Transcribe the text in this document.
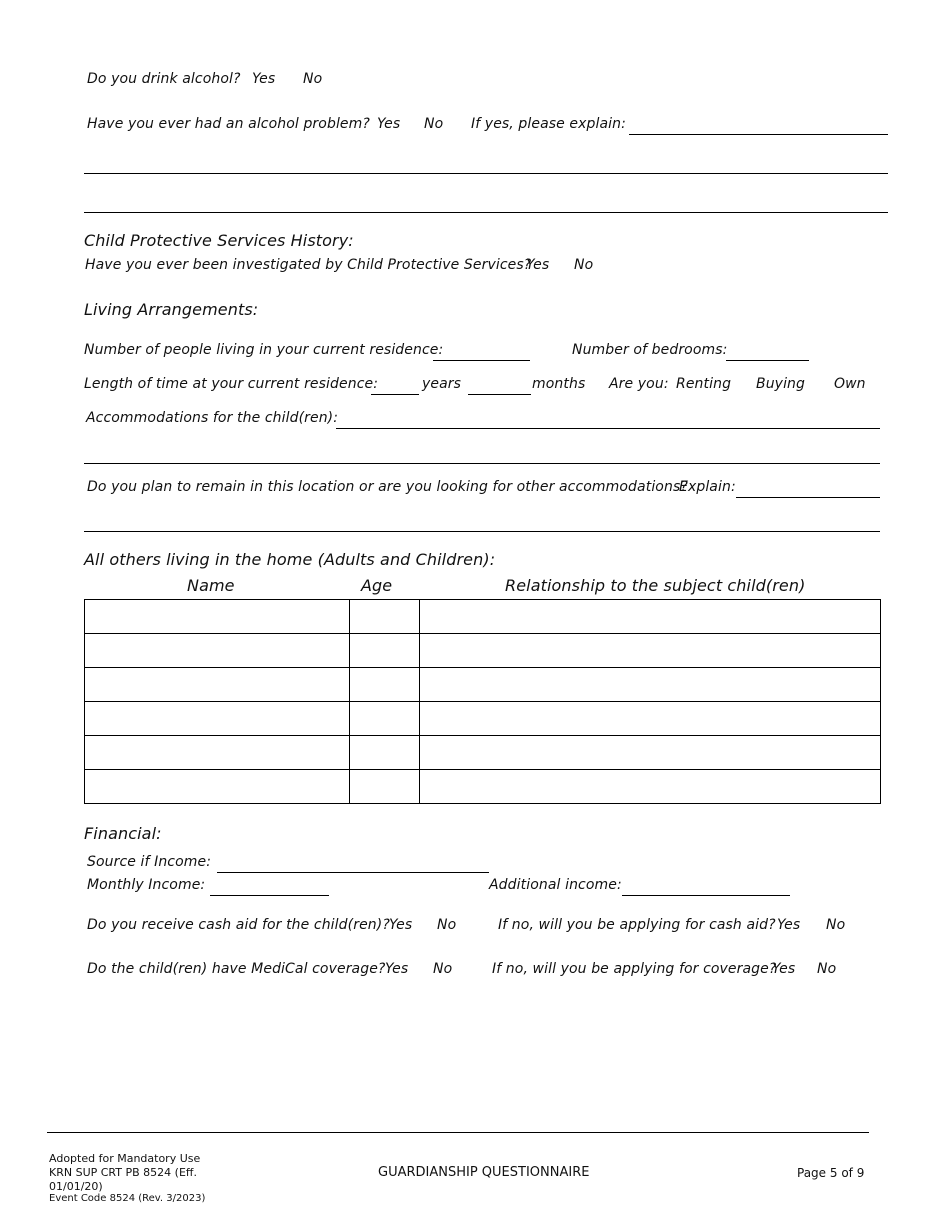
Do you drink alcohol? Yes No
Have you ever had an alcohol problem? Yes No If yes, please explain:
Child Protective Services History:
Have you ever been investigated by Child Protective Services?
Yes No
Living Arrangements:
Number of people living in your current residence:	Number of bedrooms:
Length of time at your current residence:	years	months Are you: Renting Buying Own
Accommodations for the child(ren):
Do you plan to remain in this location or are you looking for other accommodations?
Explain:
All others living in the home (Adults and Children):
Name	Age	Relationship to the subject child(ren)

Financial:
Source if Income:
Monthly Income:	Additional income:
Do you receive cash aid for the child(ren)? Yes No	If no, will you be applying for cash aid? Yes No
Do the child(ren) have MediCal coverage? Yes No	If no, will you be applying for coverage?
Yes No
Adopted for Mandatory Use
KRN SUP CRT PB 8524 (Eff.
01/01/20)
Event Code 8524 (Rev. 3/2023)
GUARDIANSHIP QUESTIONNAIRE	Page 5 of 9
